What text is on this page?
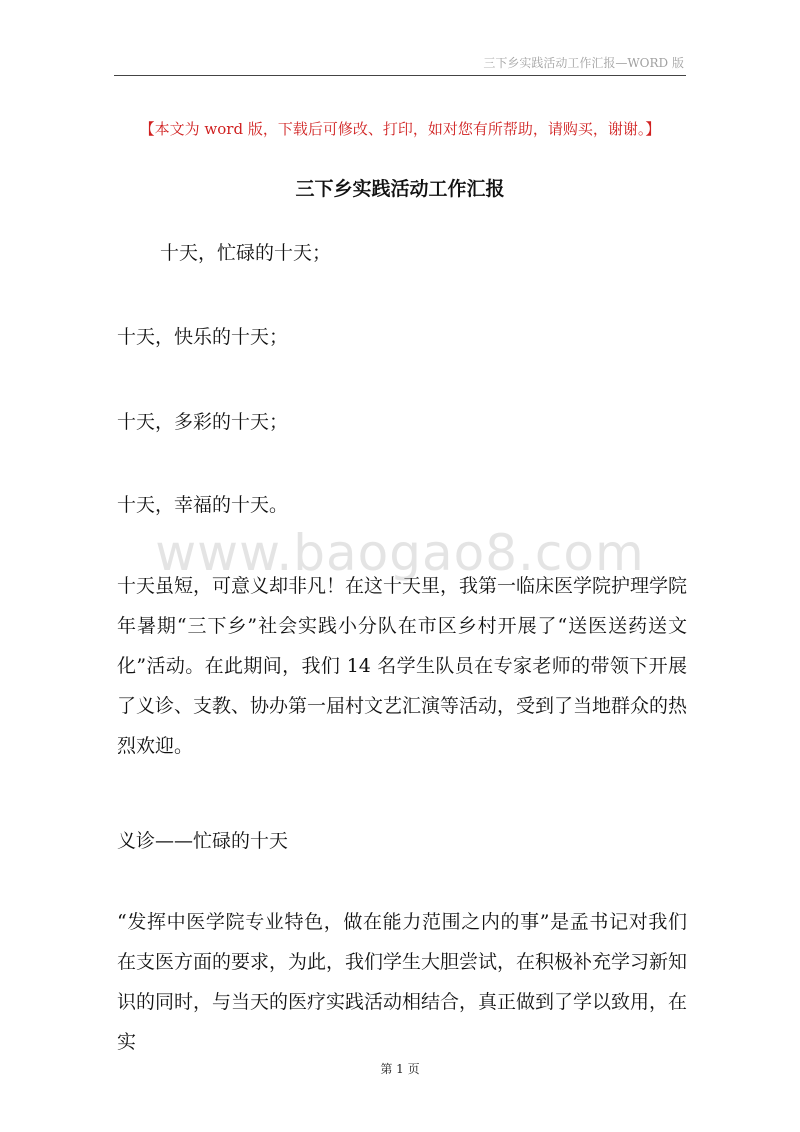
三下乡实践活动工作汇报—WORD 版
【本文为 word 版，下载后可修改、打印，如对您有所帮助，请购买，谢谢。】
三下乡实践活动工作汇报
十天，忙碌的十天；
十天，快乐的十天；
十天，多彩的十天；
十天，幸福的十天。
www.baogao8.com
十天虽短，可意义却非凡！在这十天里，我第一临床医学院护理学院年暑期“三下乡”社会实践小分队在市区乡村开展了“送医送药送文化”活动。在此期间，我们 14 名学生队员在专家老师的带领下开展了义诊、支教、协办第一届村文艺汇演等活动，受到了当地群众的热烈欢迎。
义诊——忙碌的十天
“发挥中医学院专业特色，做在能力范围之内的事”是孟书记对我们在支医方面的要求，为此，我们学生大胆尝试，在积极补充学习新知识的同时，与当天的医疗实践活动相结合，真正做到了学以致用，在实
第 1 页
